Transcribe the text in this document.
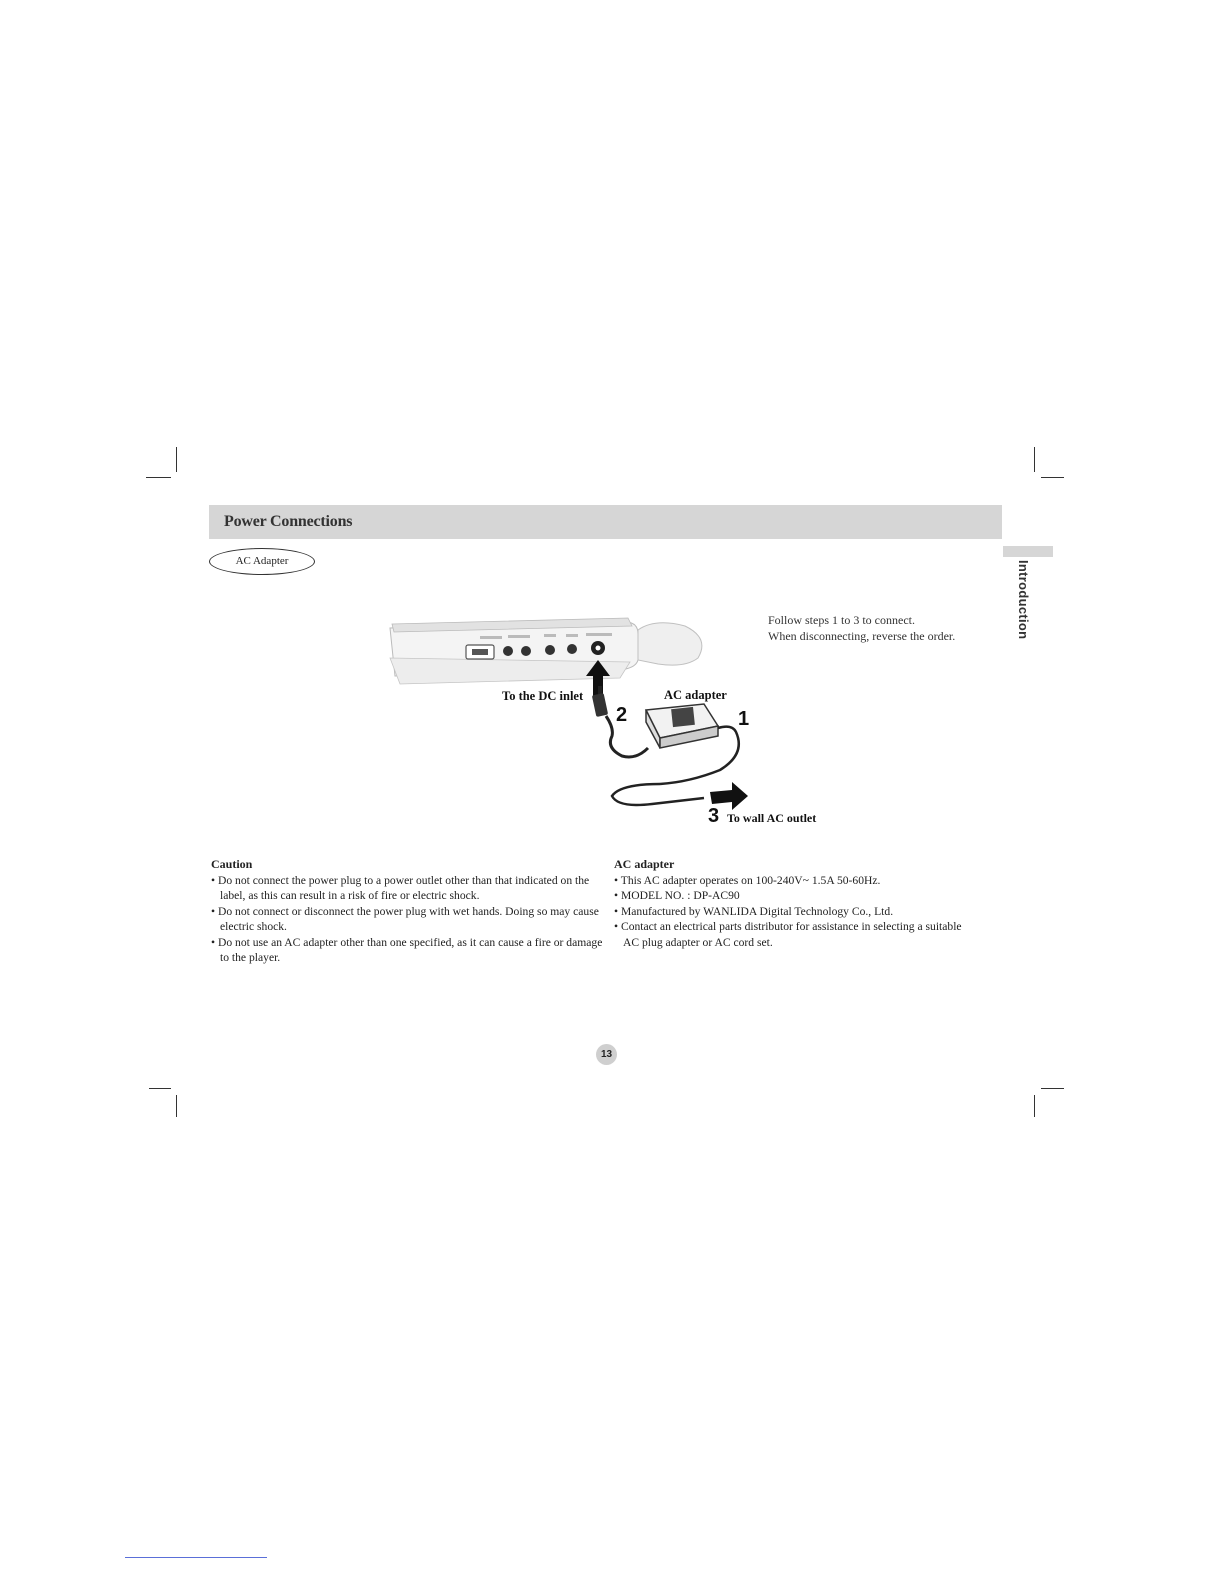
Power Connections
AC Adapter	Introduction
Follow steps 1 to 3 to connect.
When disconnecting, reverse the order.
To the DC inlet	AC adapter
2	1
3 To wall AC outlet
Caution
• Do not connect the power plug to a power outlet other than that indicated on the label, as this can result in a risk of fire or electric shock.
• Do not connect or disconnect the power plug with wet hands. Doing so may cause electric shock.
• Do not use an AC adapter other than one specified, as it can cause a fire or damage to the player.
AC adapter
• This AC adapter operates on 100-240V~ 1.5A 50-60Hz.
• MODEL NO. : DP-AC90
• Manufactured by WANLIDA Digital Technology Co., Ltd.
• Contact an electrical parts distributor for assistance in selecting a suitable AC plug adapter or AC cord set.
13
